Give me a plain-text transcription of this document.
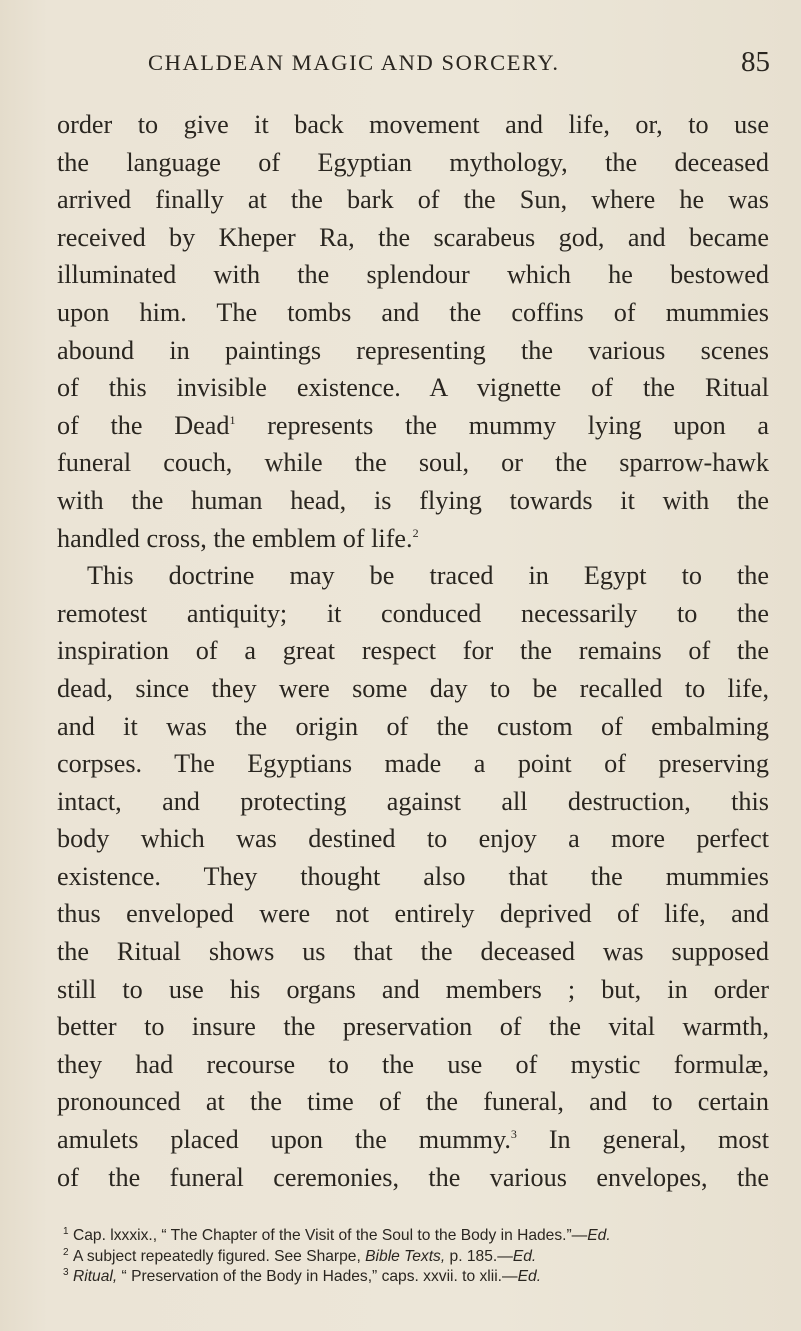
CHALDEAN MAGIC AND SORCERY.	85
order to give it back movement and life, or, to use
the language of Egyptian mythology, the deceased
arrived finally at the bark of the Sun, where he was
received by Kheper Ra, the scarabeus god, and became
illuminated with the splendour which he bestowed
upon him. The tombs and the coffins of mummies
abound in paintings representing the various scenes
of this invisible existence. A vignette of the Ritual
of the Dead$^1$ represents the mummy lying upon a
funeral couch, while the soul, or the sparrow-hawk
with the human head, is flying towards it with the
handled cross, the emblem of life.$^2$
This doctrine may be traced in Egypt to the
remotest antiquity; it conduced necessarily to the
inspiration of a great respect for the remains of the
dead, since they were some day to be recalled to life,
and it was the origin of the custom of embalming
corpses. The Egyptians made a point of preserving
intact, and protecting against all destruction, this
body which was destined to enjoy a more perfect
existence. They thought also that the mummies
thus enveloped were not entirely deprived of life, and
the Ritual shows us that the deceased was supposed
still to use his organs and members ; but, in order
better to insure the preservation of the vital warmth,
they had recourse to the use of mystic formulæ,
pronounced at the time of the funeral, and to certain
amulets placed upon the mummy.$^3$ In general, most
of the funeral ceremonies, the various envelopes, the
1 Cap. lxxxix., “ The Chapter of the Visit of the Soul to the Body in Hades.”—Ed.
2 A subject repeatedly figured. See Sharpe, Bible Texts, p. 185.—Ed.
3 Ritual, “ Preservation of the Body in Hades,” caps. xxvii. to xlii.—Ed.
